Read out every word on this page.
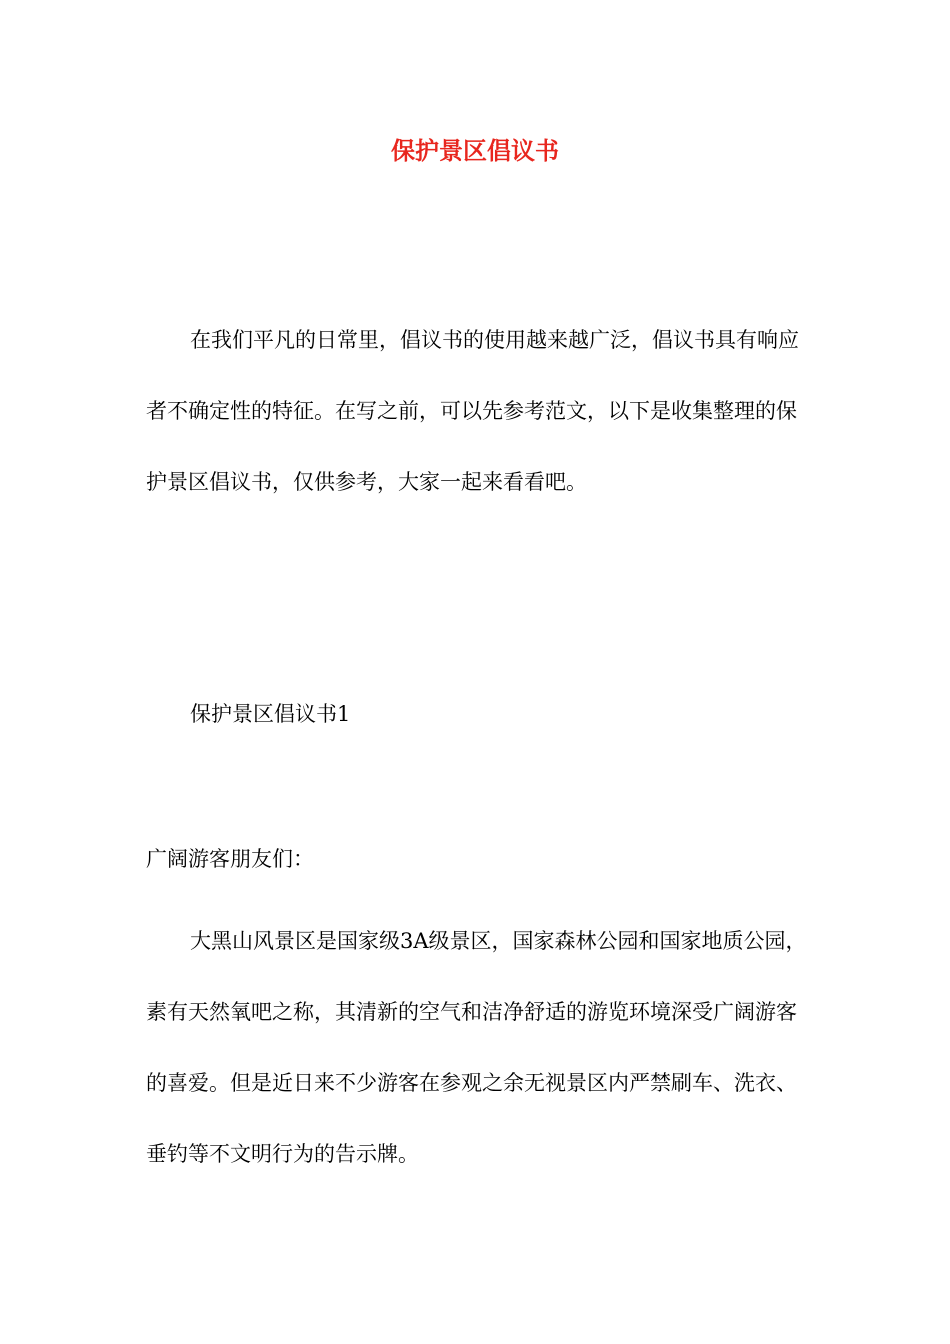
保护景区倡议书

在我们平凡的日常里，倡议书的使用越来越广泛，倡议书具有响应者不确定性的特征。在写之前，可以先参考范文，以下是收集整理的保护景区倡议书，仅供参考，大家一起来看看吧。

保护景区倡议书1

广阔游客朋友们：

大黑山风景区是国家级3A级景区，国家森林公园和国家地质公园，素有天然氧吧之称，其清新的空气和洁净舒适的游览环境深受广阔游客的喜爱。但是近日来不少游客在参观之余无视景区内严禁刷车、洗衣、垂钓等不文明行为的告示牌。
